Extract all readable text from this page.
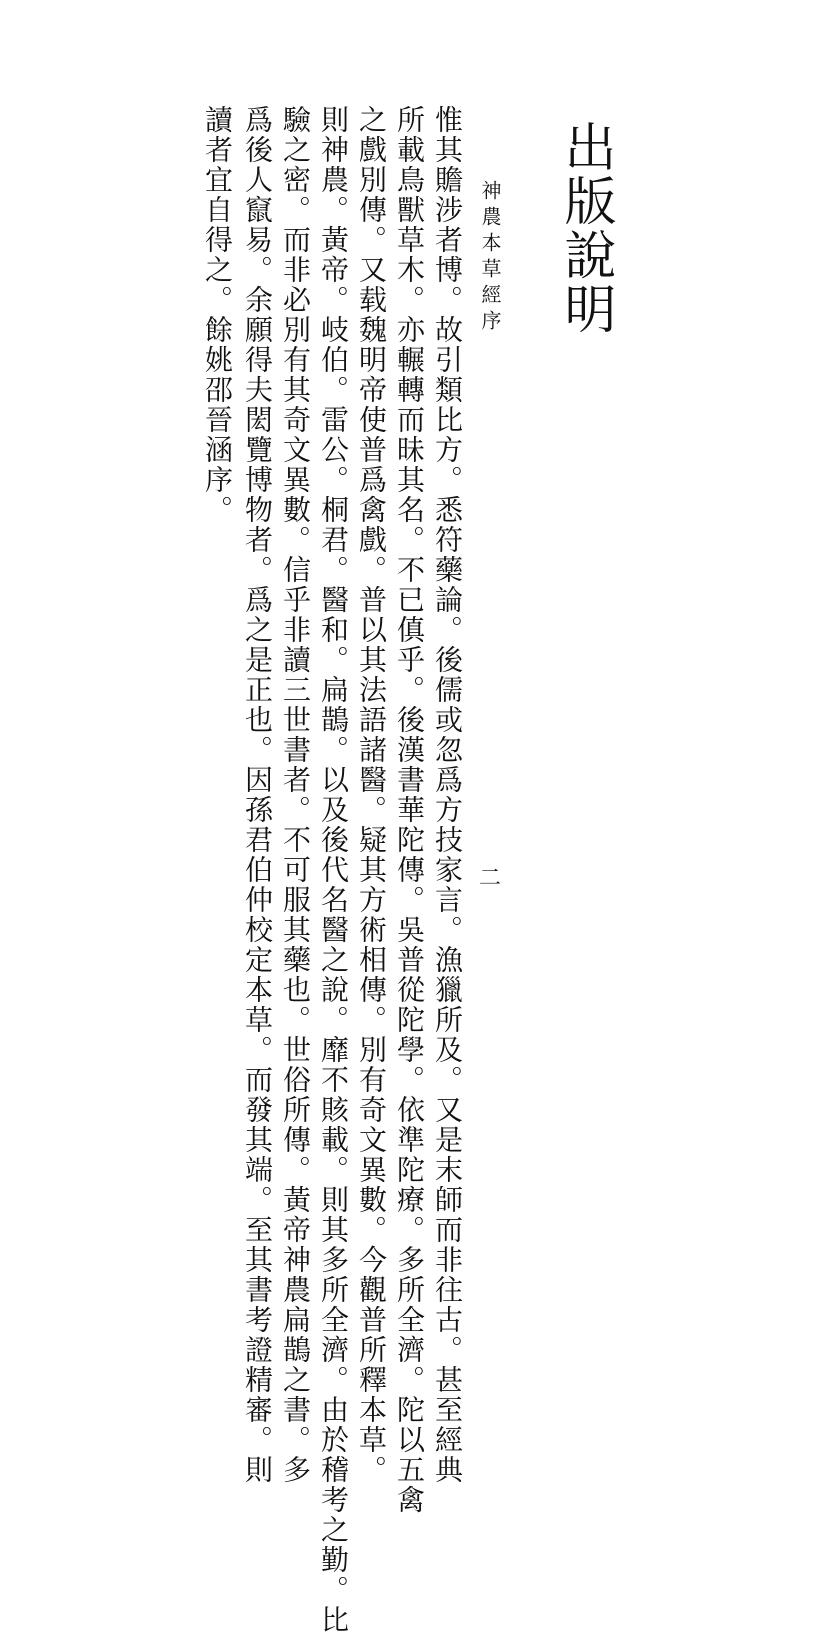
出版說明
神農本草經序
二
惟其贍涉者博。故引類比方。悉符藥論。後儒或忽爲方技家言。漁獵所及。又是末師而非往古。甚至經典
所載鳥獸草木。亦輾轉而昧其名。不已傎乎。後漢書華陀傳。吳普從陀學。依準陀療。多所全濟。陀以五禽
之戲別傳。又载魏明帝使普爲禽戲。普以其法語諸醫。疑其方術相傳。別有奇文異數。今觀普所釋本草。
則神農。黃帝。岐伯。雷公。桐君。醫和。扁鵲。以及後代名醫之說。靡不賅載。則其多所全濟。由於稽考之勤。比
驗之密。而非必別有其奇文異數。信乎非讀三世書者。不可服其藥也。世俗所傳。黃帝神農扁鵲之書。多
爲後人竄易。余願得夫閎覽博物者。爲之是正也。因孫君伯仲校定本草。而發其端。至其書考證精審。則
讀者宜自得之。餘姚邵晉涵序。
